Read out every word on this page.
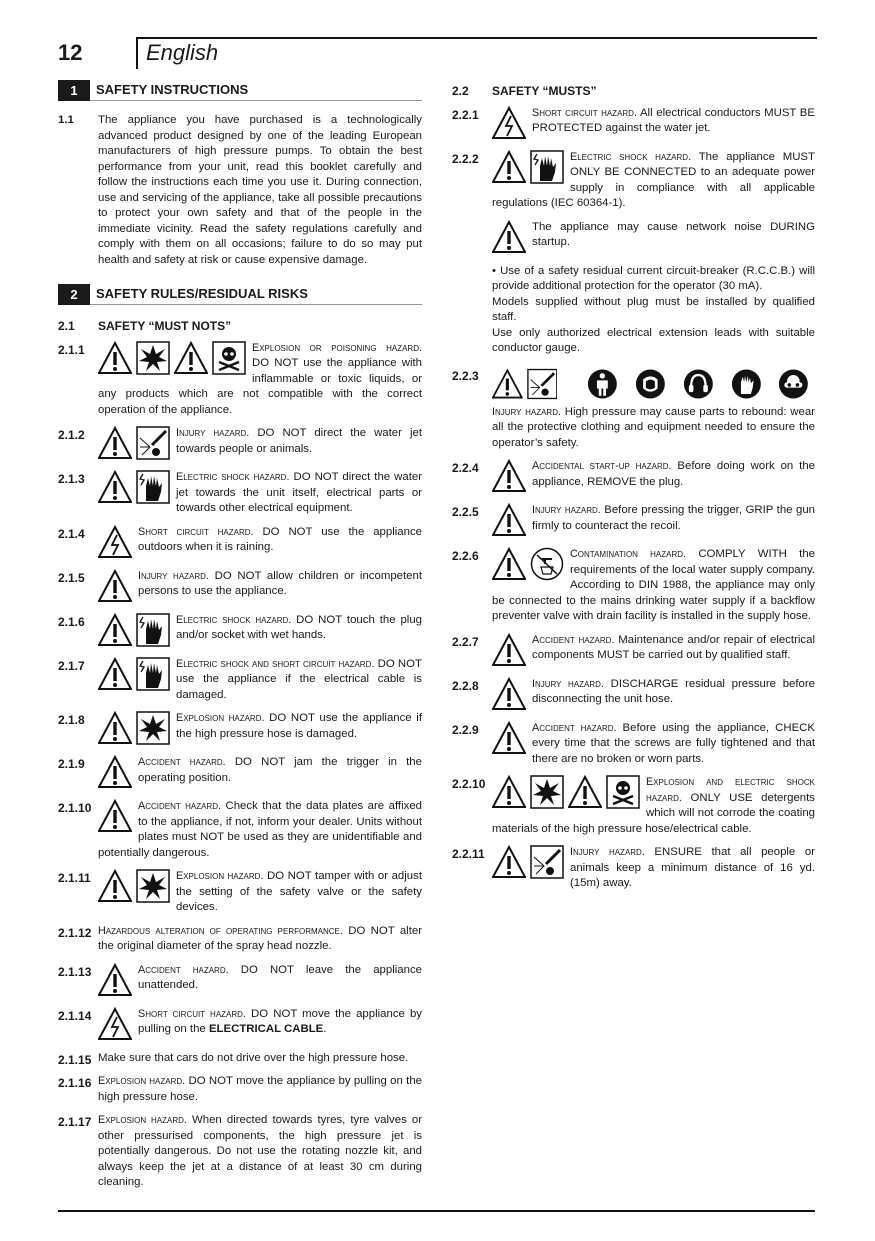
12	English
1	SAFETY INSTRUCTIONS
1.1 The appliance you have purchased is a technologically advanced product designed by one of the leading European manufacturers of high pressure pumps. To obtain the best performance from your unit, read this booklet carefully and follow the instructions each time you use it. During connection, use and servicing of the appliance, take all possible precautions to protect your own safety and that of the people in the immediate vicinity. Read the safety regulations carefully and comply with them on all occasions; failure to do so may put health and safety at risk or cause expensive damage.
2	SAFETY RULES/RESIDUAL RISKS
2.1	SAFETY “MUST NOTS”
2.1.1	Explosion or poisoning hazard. DO NOT use the appliance with inflammable or toxic liquids, or any products which are not compatible with the correct operation of the appliance.
2.1.2	Injury hazard. DO NOT direct the water jet towards people or animals.
2.1.3	Electric shock hazard. DO NOT direct the water jet towards the unit itself, electrical parts or towards other electrical equipment.
2.1.4	Short circuit hazard. DO NOT use the appliance outdoors when it is raining.
2.1.5	Injury hazard. DO NOT allow children or incompetent persons to use the appliance.
2.1.6	Electric shock hazard. DO NOT touch the plug and/or socket with wet hands.
2.1.7	Electric shock and short circuit hazard. DO NOT use the appliance if the electrical cable is damaged.
2.1.8	Explosion hazard. DO NOT use the appliance if the high pressure hose is damaged.
2.1.9	Accident hazard. DO NOT jam the trigger in the operating position.
2.1.10	Accident hazard. Check that the data plates are affixed to the appliance, if not, inform your dealer. Units without plates must NOT be used as they are unidentifiable and potentially dangerous.
2.1.11	Explosion hazard. DO NOT tamper with or adjust the setting of the safety valve or the safety devices.
2.1.12 Hazardous alteration of operating performance. DO NOT alter the original diameter of the spray head nozzle.
2.1.13	Accident hazard. DO NOT leave the appliance unattended.
2.1.14	Short circuit hazard. DO NOT move the appliance by pulling on the ELECTRICAL CABLE.
2.1.15 Make sure that cars do not drive over the high pressure hose.
2.1.16 Explosion hazard. DO NOT move the appliance by pulling on the high pressure hose.
2.1.17 Explosion hazard. When directed towards tyres, tyre valves or other pressurised components, the high pressure jet is potentially dangerous. Do not use the rotating nozzle kit, and always keep the jet at a distance of at least 30 cm during cleaning.
2.2	SAFETY “MUSTS”
2.2.1	Short circuit hazard. All electrical conductors MUST BE PROTECTED against the water jet.
2.2.2	Electric shock hazard. The appliance MUST ONLY BE CONNECTED to an adequate power supply in compliance with all applicable regulations (IEC 60364-1).
The appliance may cause network noise DURING startup.
• Use of a safety residual current circuit-breaker (R.C.C.B.) will provide additional protection for the operator (30 mA).
Models supplied without plug must be installed by qualified staff.
Use only authorized electrical extension leads with suitable conductor gauge.
2.2.3
Injury hazard. High pressure may cause parts to rebound: wear all the protective clothing and equipment needed to ensure the operator’s safety.
2.2.4	Accidental start-up hazard. Before doing work on the appliance, REMOVE the plug.
2.2.5	Injury hazard. Before pressing the trigger, GRIP the gun firmly to counteract the recoil.
2.2.6	Contamination hazard. COMPLY WITH the requirements of the local water supply company. According to DIN 1988, the appliance may only be connected to the mains drinking water supply if a backflow preventer valve with drain facility is installed in the supply hose.
2.2.7	Accident hazard. Maintenance and/or repair of electrical components MUST be carried out by qualified staff.
2.2.8	Injury hazard. DISCHARGE residual pressure before disconnecting the unit hose.
2.2.9	Accident hazard. Before using the appliance, CHECK every time that the screws are fully tightened and that there are no broken or worn parts.
2.2.10	Explosion and electric shock hazard. ONLY USE detergents which will not corrode the coating materials of the high pressure hose/electrical cable.
2.2.11	Injury hazard. ENSURE that all people or animals keep a minimum distance of 16 yd. (15m) away.
